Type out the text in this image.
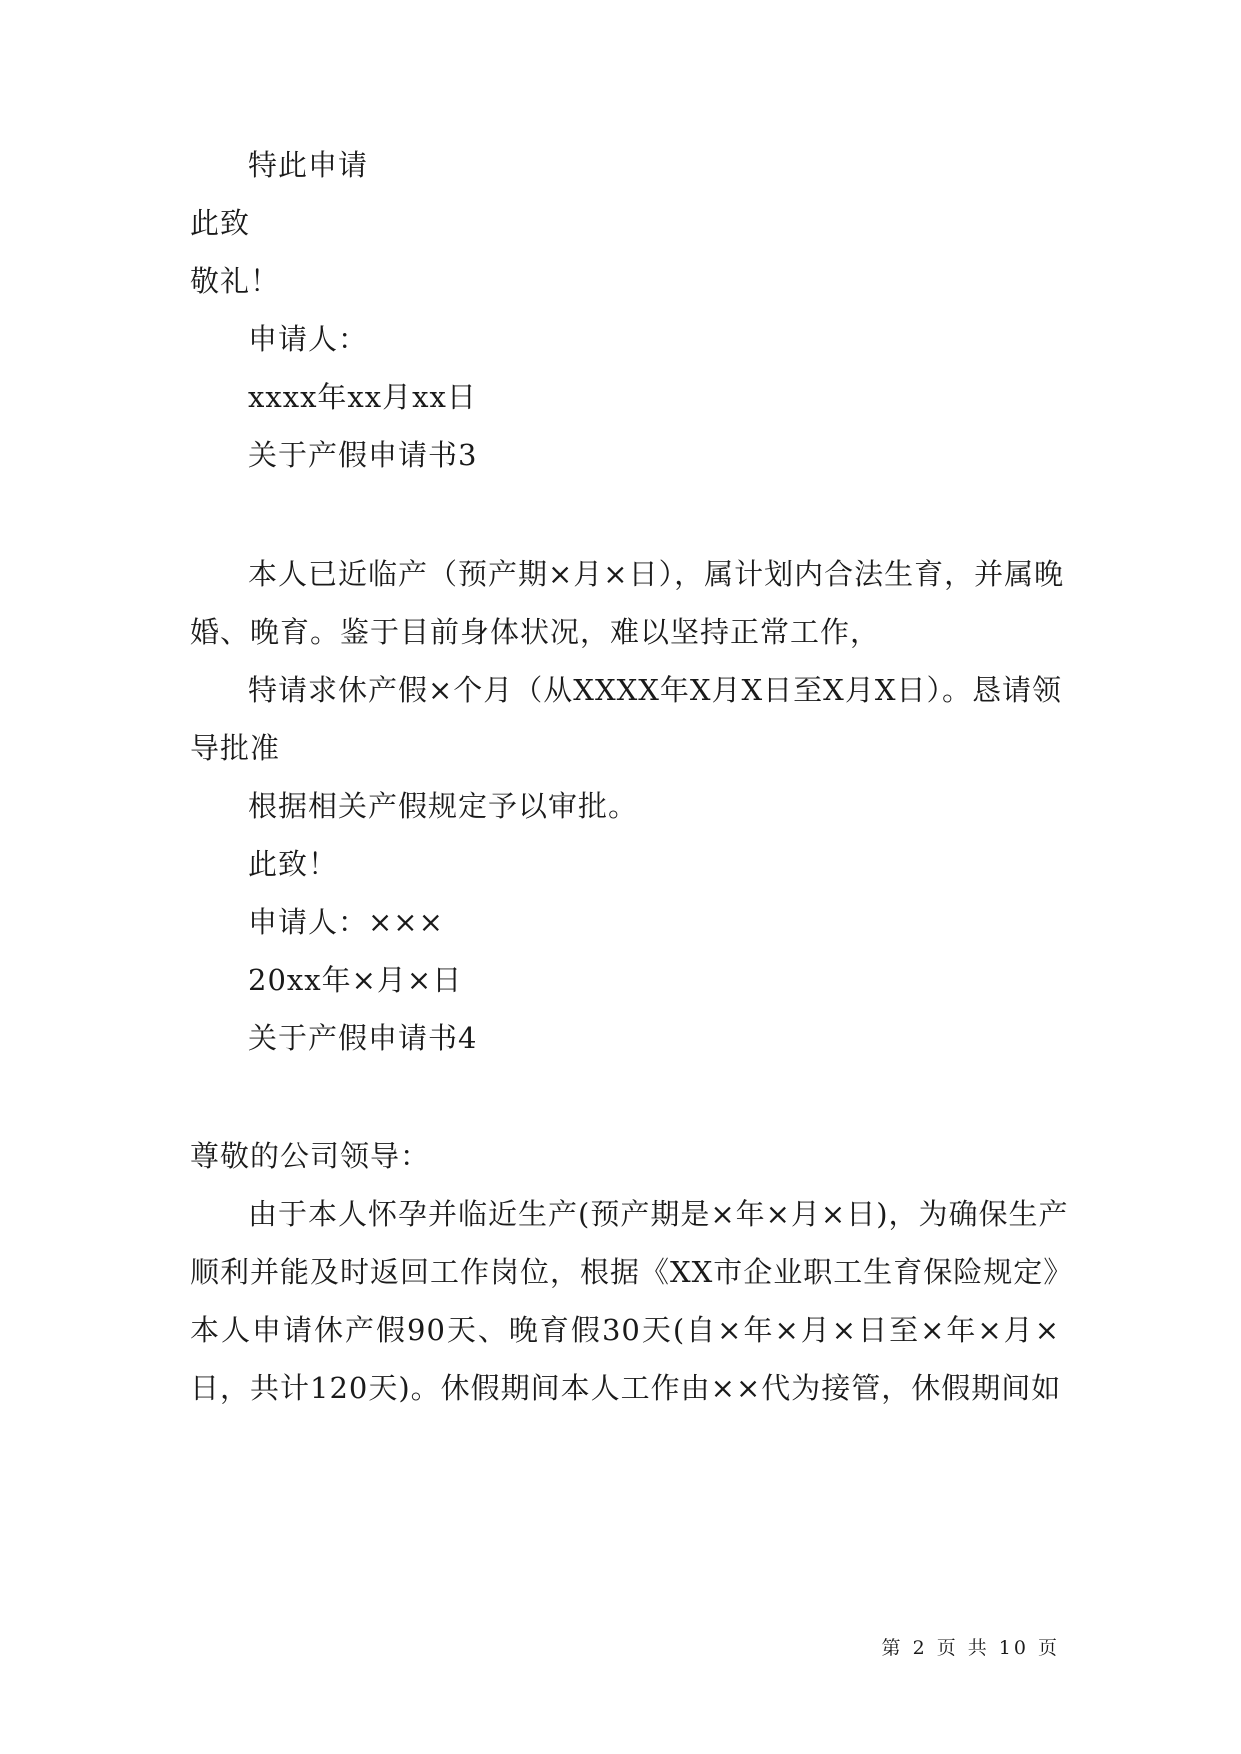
特此申请
此致
敬礼！
申请人：
xxxx年xx月xx日
关于产假申请书3
本人已近临产（预产期×月×日），属计划内合法生育，并属晚
婚、晚育。鉴于目前身体状况，难以坚持正常工作，
特请求休产假×个月（从XXXX年X月X日至X月X日）。恳请领
导批准
根据相关产假规定予以审批。
此致！
申请人：×××
20xx年×月×日
关于产假申请书4
尊敬的公司领导：
由于本人怀孕并临近生产(预产期是×年×月×日)，为确保生产
顺利并能及时返回工作岗位，根据《XX市企业职工生育保险规定》
本人申请休产假90天、晚育假30天(自×年×月×日至×年×月×
日，共计120天)。休假期间本人工作由××代为接管，休假期间如
第 2 页 共 10 页
